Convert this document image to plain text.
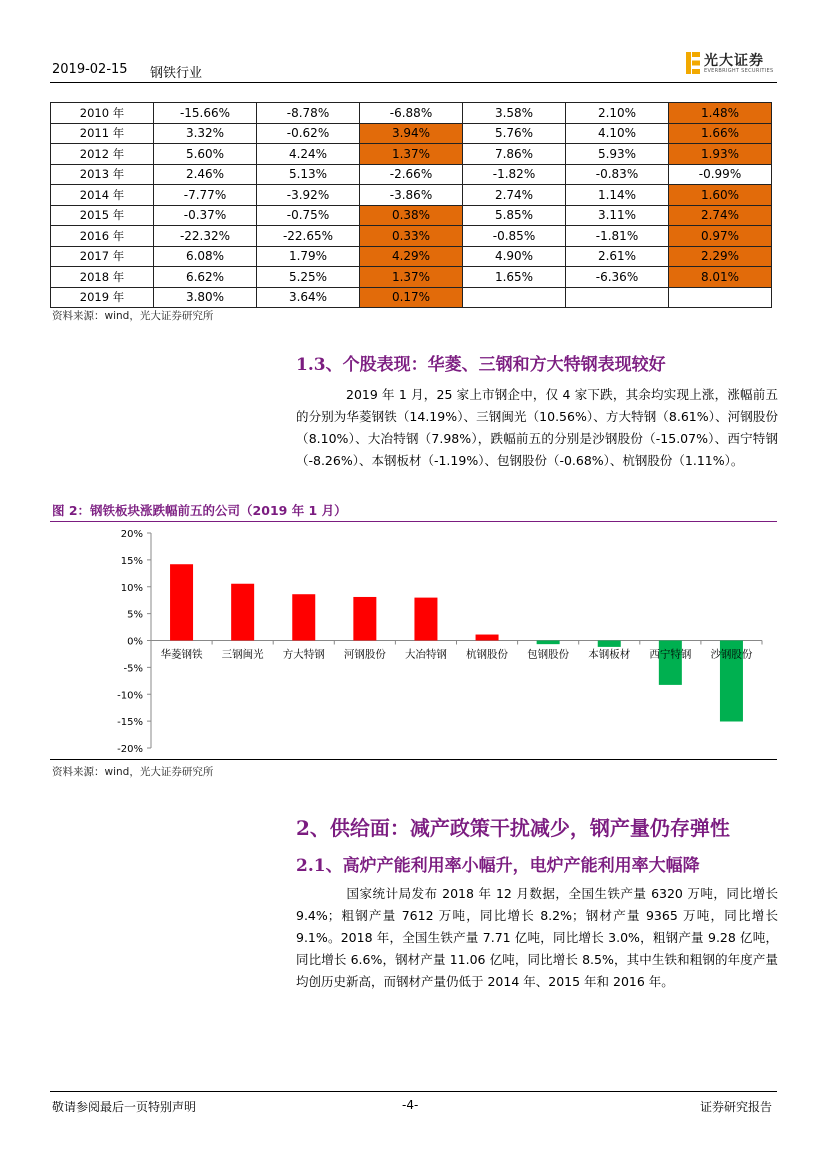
2019-02-15 钢铁行业
光大证券
EVERBRIGHT SECURITIES
2010 年	-15.66%	-8.78%	-6.88%	3.58%	2.10%	1.48%
2011 年	3.32%	-0.62%	3.94%	5.76%	4.10%	1.66%
2012 年	5.60%	4.24%	1.37%	7.86%	5.93%	1.93%
2013 年	2.46%	5.13%	-2.66%	-1.82%	-0.83%	-0.99%
2014 年	-7.77%	-3.92%	-3.86%	2.74%	1.14%	1.60%
2015 年	-0.37%	-0.75%	0.38%	5.85%	3.11%	2.74%
2016 年	-22.32%	-22.65%	0.33%	-0.85%	-1.81%	0.97%
2017 年	6.08%	1.79%	4.29%	4.90%	2.61%	2.29%
2018 年	6.62%	5.25%	1.37%	1.65%	-6.36%	8.01%
2019 年	3.80%	3.64%	0.17%			
资料来源：wind，光大证券研究所
1.3、个股表现：华菱、三钢和方大特钢表现较好
2019 年 1 月，25 家上市钢企中，仅 4 家下跌，其余均实现上涨，涨幅前五的分别为华菱钢铁（14.19%）、三钢闽光（10.56%）、方大特钢（8.61%）、河钢股份（8.10%）、大冶特钢（7.98%），跌幅前五的分别是沙钢股份（-15.07%）、西宁特钢（-8.26%）、本钢板材（-1.19%）、包钢股份（-0.68%）、杭钢股份（1.11%）。
图 2：钢铁板块涨跌幅前五的公司（2019 年 1 月）
20%
15%
10%
5%
0%
-5%
-10%
-15%
-20%
华菱钢铁 三钢闽光 方大特钢 河钢股份 大冶特钢 杭钢股份 包钢股份 本钢板材 西宁特钢 沙钢股份
资料来源：wind，光大证券研究所
2、供给面：减产政策干扰减少，钢产量仍存弹性
2.1、高炉产能利用率小幅升，电炉产能利用率大幅降
国家统计局发布 2018 年 12 月数据，全国生铁产量 6320 万吨，同比增长 9.4%；粗钢产量 7612 万吨，同比增长 8.2%；钢材产量 9365 万吨，同比增长 9.1%。2018 年，全国生铁产量 7.71 亿吨，同比增长 3.0%，粗钢产量 9.28 亿吨，同比增长 6.6%，钢材产量 11.06 亿吨，同比增长 8.5%，其中生铁和粗钢的年度产量均创历史新高，而钢材产量仍低于 2014 年、2015 年和 2016 年。
敬请参阅最后一页特别声明	-4-	证券研究报告
